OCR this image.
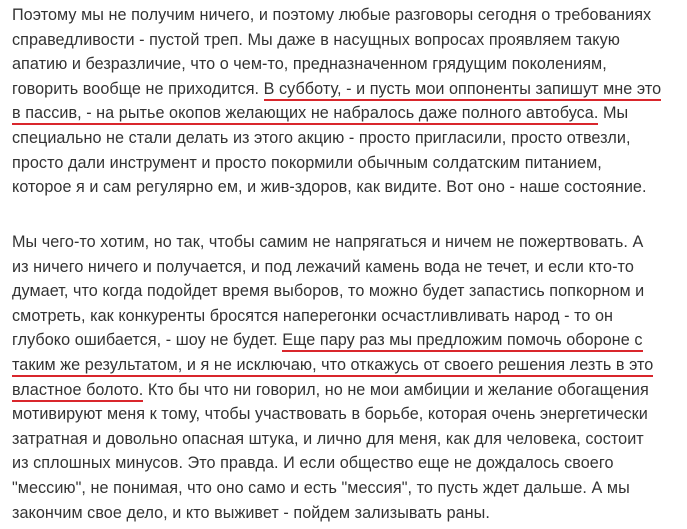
Поэтому мы не получим ничего, и поэтому любые разговоры сегодня о требованиях
справедливости - пустой треп. Мы даже в насущных вопросах проявляем такую
апатию и безразличие, что о чем-то, предназначенном грядущим поколениям,
говорить вообще не приходится. В субботу, - и пусть мои оппоненты запишут мне это
в пассив, - на рытье окопов желающих не набралось даже полного автобуса. Мы
специально не стали делать из этого акцию - просто пригласили, просто отвезли,
просто дали инструмент и просто покормили обычным солдатским питанием,
которое я и сам регулярно ем, и жив-здоров, как видите. Вот оно - наше состояние.

Мы чего-то хотим, но так, чтобы самим не напрягаться и ничем не пожертвовать. А
из ничего ничего и получается, и под лежачий камень вода не течет, и если кто-то
думает, что когда подойдет время выборов, то можно будет запастись попкорном и
смотреть, как конкуренты бросятся наперегонки осчастливливать народ - то он
глубоко ошибается, - шоу не будет. Еще пару раз мы предложим помочь обороне с
таким же результатом, и я не исключаю, что откажусь от своего решения лезть в это
властное болото. Кто бы что ни говорил, но не мои амбиции и желание обогащения
мотивируют меня к тому, чтобы участвовать в борьбе, которая очень энергетически
затратная и довольно опасная штука, и лично для меня, как для человека, состоит
из сплошных минусов. Это правда. И если общество еще не дождалось своего
"мессию", не понимая, что оно само и есть "мессия", то пусть ждет дальше. А мы
закончим свое дело, и кто выживет - пойдем зализывать раны.
